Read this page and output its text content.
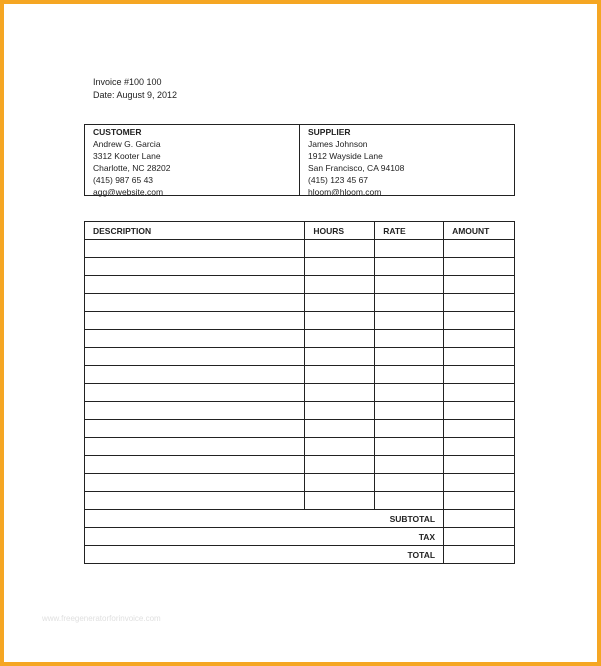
Invoice #100 100
Date: August 9, 2012
CUSTOMER
Andrew G. Garcia
3312 Kooter Lane
Charlotte, NC 28202
(415) 987 65 43
agg@website.com
SUPPLIER
James Johnson
1912 Wayside Lane
San Francisco, CA 94108
(415) 123 45 67
hloom@hloom.com
DESCRIPTION	HOURS	RATE	AMOUNT

SUBTOTAL			
TAX			
TOTAL			
www.freegeneratorforinvoice.com
